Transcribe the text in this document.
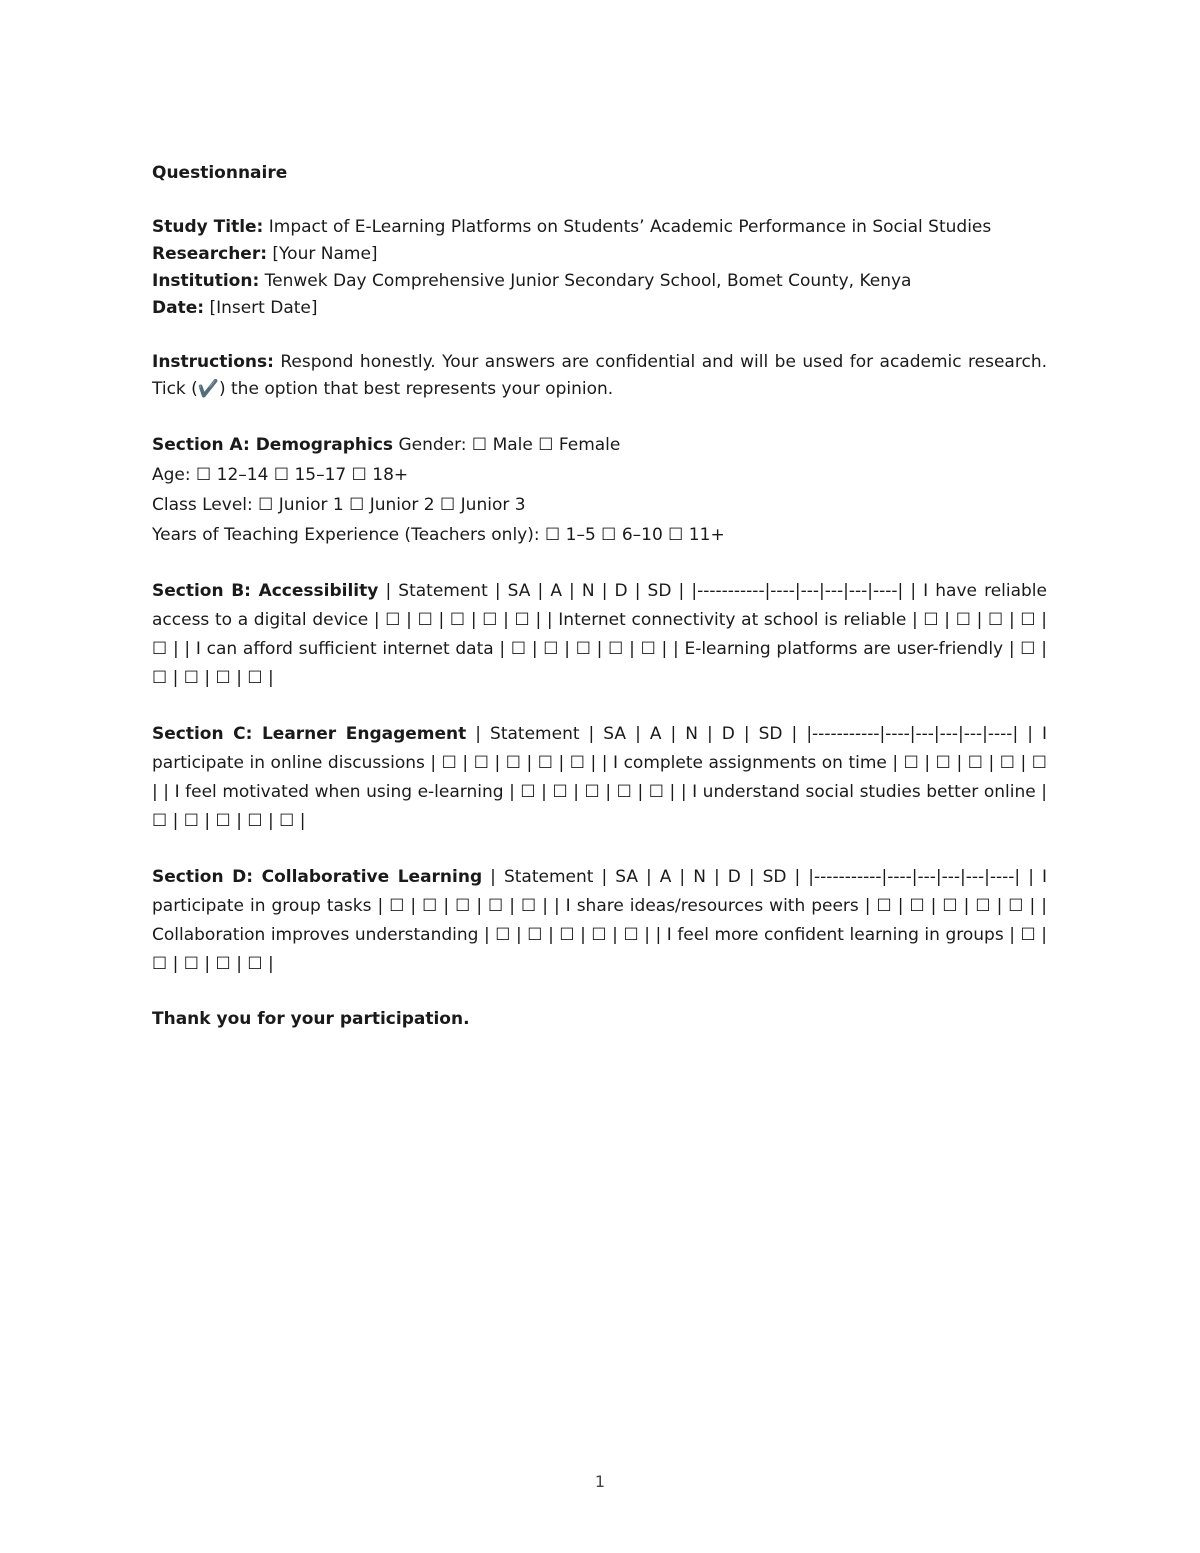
Questionnaire
Study Title: Impact of E-Learning Platforms on Students’ Academic Performance in Social Studies
Researcher: [Your Name]
Institution: Tenwek Day Comprehensive Junior Secondary School, Bomet County, Kenya
Date: [Insert Date]
Instructions: Respond honestly. Your answers are confidential and will be used for academic research. Tick (✔️) the option that best represents your opinion.
Section A: Demographics Gender: ☐ Male ☐ Female
Age: ☐ 12–14 ☐ 15–17 ☐ 18+
Class Level: ☐ Junior 1 ☐ Junior 2 ☐ Junior 3
Years of Teaching Experience (Teachers only): ☐ 1–5 ☐ 6–10 ☐ 11+
Section B: Accessibility | Statement | SA | A | N | D | SD | |-----------|----|---|---|---|----| | I have reliable access to a digital device | ☐ | ☐ | ☐ | ☐ | ☐ | | Internet connectivity at school is reliable | ☐ | ☐ | ☐ | ☐ | ☐ | | I can afford sufficient internet data | ☐ | ☐ | ☐ | ☐ | ☐ | | E-learning platforms are user-friendly | ☐ | ☐ | ☐ | ☐ | ☐ |
Section C: Learner Engagement | Statement | SA | A | N | D | SD | |-----------|----|---|---|---|----| | I participate in online discussions | ☐ | ☐ | ☐ | ☐ | ☐ | | I complete assignments on time | ☐ | ☐ | ☐ | ☐ | ☐ | | I feel motivated when using e-learning | ☐ | ☐ | ☐ | ☐ | ☐ | | I understand social studies better online | ☐ | ☐ | ☐ | ☐ | ☐ |
Section D: Collaborative Learning | Statement | SA | A | N | D | SD | |-----------|----|---|---|---|----| | I participate in group tasks | ☐ | ☐ | ☐ | ☐ | ☐ | | I share ideas/resources with peers | ☐ | ☐ | ☐ | ☐ | ☐ | | Collaboration improves understanding | ☐ | ☐ | ☐ | ☐ | ☐ | | I feel more confident learning in groups | ☐ | ☐ | ☐ | ☐ | ☐ |
Thank you for your participation.
1
